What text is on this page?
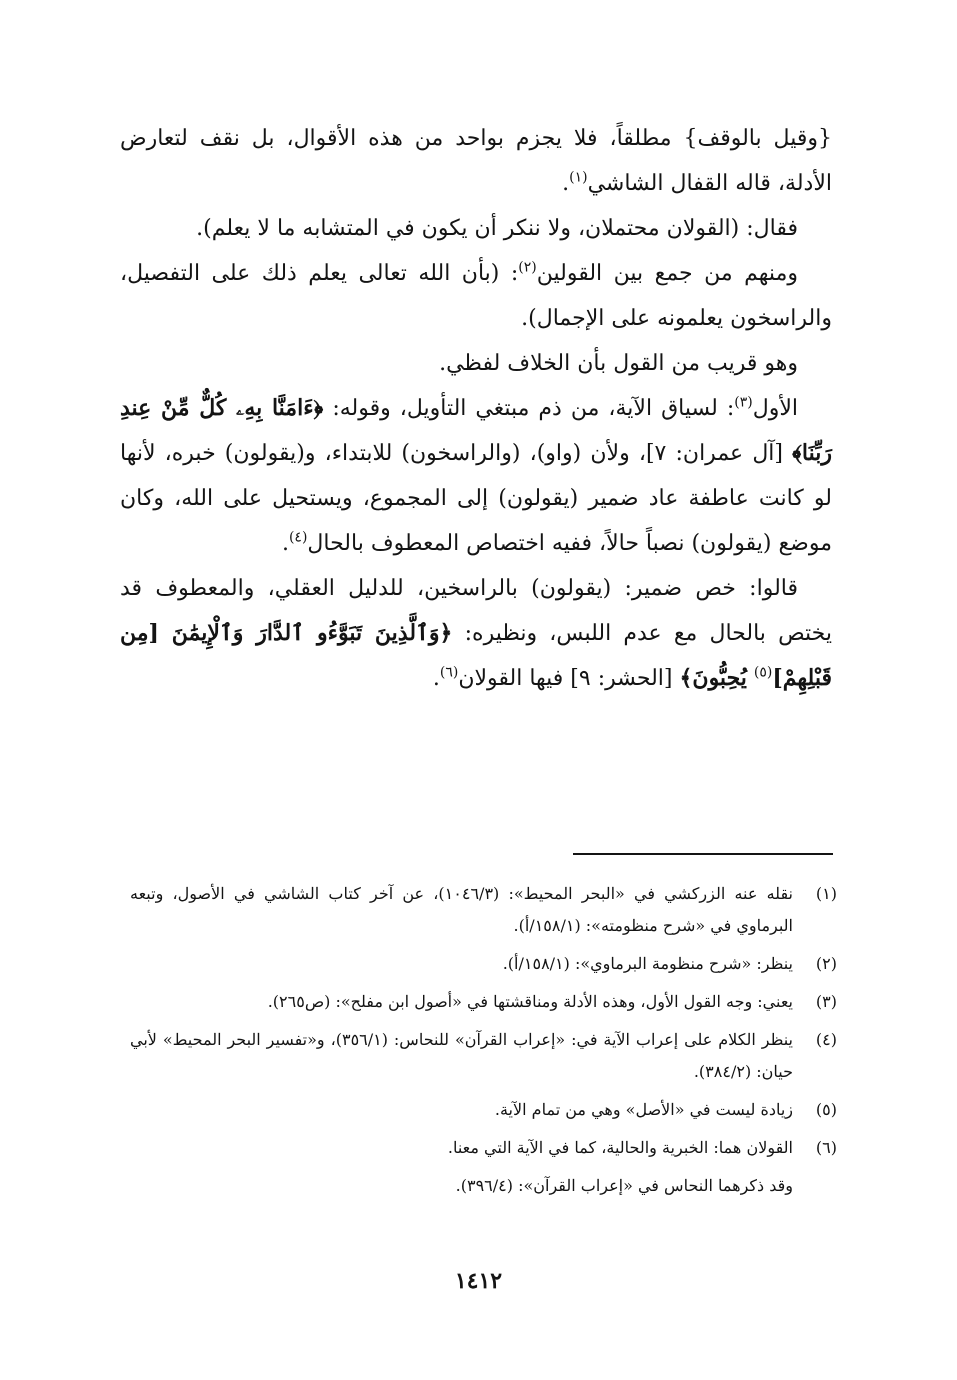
{وقيل بالوقف} مطلقاً، فلا يجزم بواحد من هذه الأقوال، بل نقف لتعارض الأدلة، قاله القفال الشاشي$^{(١)}$.

فقال: (القولان محتملان، ولا ننكر أن يكون في المتشابه ما لا يعلم).

ومنهم من جمع بين القولين$^{(٢)}$: (بأن الله تعالى يعلم ذلك على التفصيل، والراسخون يعلمونه على الإجمال).

وهو قريب من القول بأن الخلاف لفظي.

الأول$^{(٣)}$: لسياق الآية، من ذم مبتغي التأويل، وقوله: ﴿ءَامَنَّا بِهِۦ كُلٌّ مِّنْ عِندِ رَبِّنَا﴾ [آل عمران: ٧]، ولأن (واو)، (والراسخون) للابتداء، و(يقولون) خبره، لأنها لو كانت عاطفة عاد ضمير (يقولون) إلى المجموع، ويستحيل على الله، وكان موضع (يقولون) نصباً حالاً، ففيه اختصاص المعطوف بالحال$^{(٤)}$.

قالوا: خص ضمير: (يقولون) بالراسخين، للدليل العقلي، والمعطوف قد يختص بالحال مع عدم اللبس، ونظيره: ﴿وَٱلَّذِينَ تَبَوَّءُو ٱلدَّارَ وَٱلْإِيمَٰنَ [مِن قَبْلِهِمْ]$^{(٥)}$ يُحِبُّونَ﴾ [الحشر: ٩] فيها القولان$^{(٦)}$.

(١)
نقله عنه الزركشي في «البحر المحيط»: (١٠٤٦/٣)، عن آخر كتاب الشاشي في الأصول، وتبعه البرماوي في «شرح منظومته»: (١٥٨/١/أ).
(٢)
ينظر: «شرح منظومة البرماوي»: (١٥٨/١/أ).
(٣)
يعني: وجه القول الأول، وهذه الأدلة ومناقشتها في «أصول ابن مفلح»: (ص٢٦٥).
(٤)
ينظر الكلام على إعراب الآية في: «إعراب القرآن» للنحاس: (٣٥٦/١)، و«تفسير البحر المحيط» لأبي حيان: (٣٨٤/٢).
(٥)
زيادة ليست في «الأصل» وهي من تمام الآية.
(٦)
القولان هما: الخبرية والحالية، كما في الآية التي معنا.
وقد ذكرهما النحاس في «إعراب القرآن»: (٣٩٦/٤).
١٤١٢
